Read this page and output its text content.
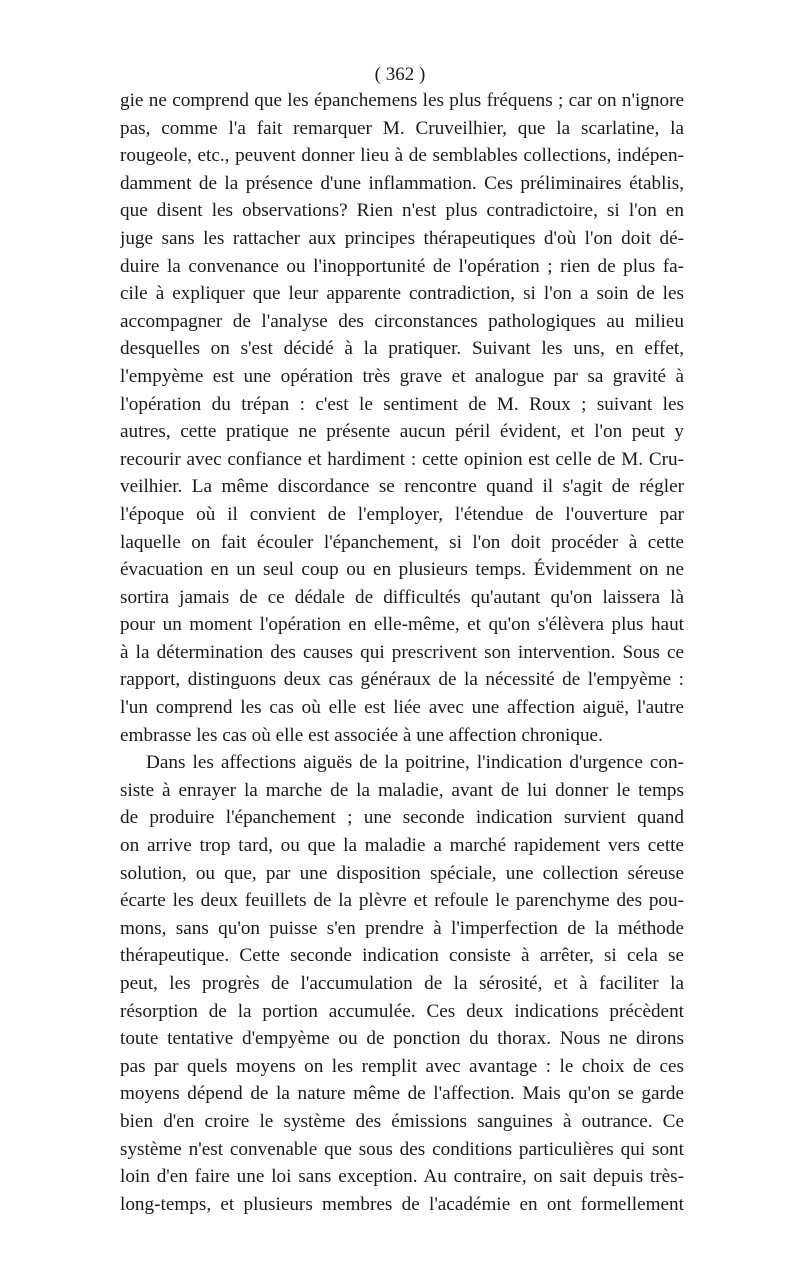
( 362 )
gie ne comprend que les épanchemens les plus fréquens ; car on n'ignore
pas, comme l'a fait remarquer M. Cruveilhier, que la scarlatine, la
rougeole, etc., peuvent donner lieu à de semblables collections, indépen-
damment de la présence d'une inflammation. Ces préliminaires établis,
que disent les observations? Rien n'est plus contradictoire, si l'on en
juge sans les rattacher aux principes thérapeutiques d'où l'on doit dé-
duire la convenance ou l'inopportunité de l'opération ; rien de plus fa-
cile à expliquer que leur apparente contradiction, si l'on a soin de les
accompagner de l'analyse des circonstances pathologiques au milieu
desquelles on s'est décidé à la pratiquer. Suivant les uns, en effet,
l'empyème est une opération très grave et analogue par sa gravité à
l'opération du trépan : c'est le sentiment de M. Roux ; suivant les
autres, cette pratique ne présente aucun péril évident, et l'on peut y
recourir avec confiance et hardiment : cette opinion est celle de M. Cru-
veilhier. La même discordance se rencontre quand il s'agit de régler
l'époque où il convient de l'employer, l'étendue de l'ouverture par
laquelle on fait écouler l'épanchement, si l'on doit procéder à cette
évacuation en un seul coup ou en plusieurs temps. Évidemment on ne
sortira jamais de ce dédale de difficultés qu'autant qu'on laissera là
pour un moment l'opération en elle-même, et qu'on s'élèvera plus haut
à la détermination des causes qui prescrivent son intervention. Sous ce
rapport, distinguons deux cas généraux de la nécessité de l'empyème :
l'un comprend les cas où elle est liée avec une affection aiguë, l'autre
embrasse les cas où elle est associée à une affection chronique.
Dans les affections aiguës de la poitrine, l'indication d'urgence con-
siste à enrayer la marche de la maladie, avant de lui donner le temps
de produire l'épanchement ; une seconde indication survient quand
on arrive trop tard, ou que la maladie a marché rapidement vers cette
solution, ou que, par une disposition spéciale, une collection séreuse
écarte les deux feuillets de la plèvre et refoule le parenchyme des pou-
mons, sans qu'on puisse s'en prendre à l'imperfection de la méthode
thérapeutique. Cette seconde indication consiste à arrêter, si cela se
peut, les progrès de l'accumulation de la sérosité, et à faciliter la
résorption de la portion accumulée. Ces deux indications précèdent
toute tentative d'empyème ou de ponction du thorax. Nous ne dirons
pas par quels moyens on les remplit avec avantage : le choix de ces
moyens dépend de la nature même de l'affection. Mais qu'on se garde
bien d'en croire le système des émissions sanguines à outrance. Ce
système n'est convenable que sous des conditions particulières qui sont
loin d'en faire une loi sans exception. Au contraire, on sait depuis très-
long-temps, et plusieurs membres de l'académie en ont formellement
